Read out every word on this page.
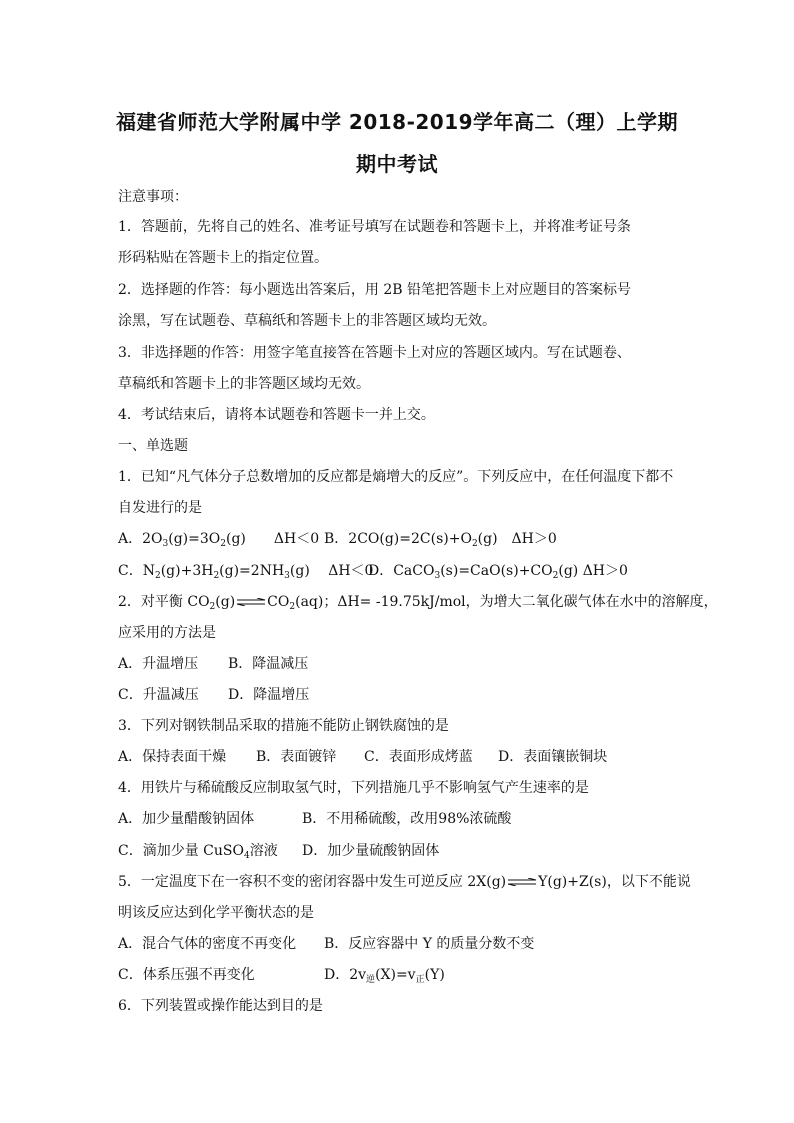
福建省师范大学附属中学 2018-2019学年高二（理）上学期
期中考试
注意事项：
1．答题前，先将自己的姓名、准考证号填写在试题卷和答题卡上，并将准考证号条
形码粘贴在答题卡上的指定位置。
2．选择题的作答：每小题选出答案后，用 2B 铅笔把答题卡上对应题目的答案标号
涂黑，写在试题卷、草稿纸和答题卡上的非答题区域均无效。
3．非选择题的作答：用签字笔直接答在答题卡上对应的答题区域内。写在试题卷、
草稿纸和答题卡上的非答题区域均无效。
4．考试结束后，请将本试题卷和答题卡一并上交。
一、单选题
1．已知“凡气体分子总数增加的反应都是熵增大的反应”。下列反应中，在任何温度下都不
自发进行的是
A．$2O_3(g)=3O_2(g)$　　ΔH＜0 B．$2CO(g)=2C(s)+O_2(g)$　ΔH＞0
C．$N_2(g)+3H_2(g)=2NH_3(g)$　 ΔH＜0D．$CaCO_3(s)=CaO(s)+CO_2(g)$ ΔH＞0
2．对平衡 $CO_2(g)\rightleftharpoons CO_2(aq)$；ΔH= -19.75kJ/mol，为增大二氧化碳气体在水中的溶解度，
应采用的方法是
A．升温增压 B．降温减压
C．升温减压 D．降温增压
3．下列对钢铁制品采取的措施不能防止钢铁腐蚀的是
A．保持表面干燥 B．表面镀锌 C．表面形成烤蓝 D．表面镶嵌铜块
4．用铁片与稀硫酸反应制取氢气时，下列措施几乎不影响氢气产生速率的是
A．加少量醋酸钠固体	B．不用稀硫酸，改用98%浓硫酸
C．滴加少量 CuSO$_4$溶液 D．加少量硫酸钠固体
5．一定温度下在一容积不变的密闭容器中发生可逆反应 2X(g)⇌Y(g)+Z(s)，以下不能说
明该反应达到化学平衡状态的是
A．混合气体的密度不再变化 B．反应容器中 Y 的质量分数不变
C．体系压强不再变化	D．$2v_逆(X)=v_正(Y)$
6．下列装置或操作能达到目的是
